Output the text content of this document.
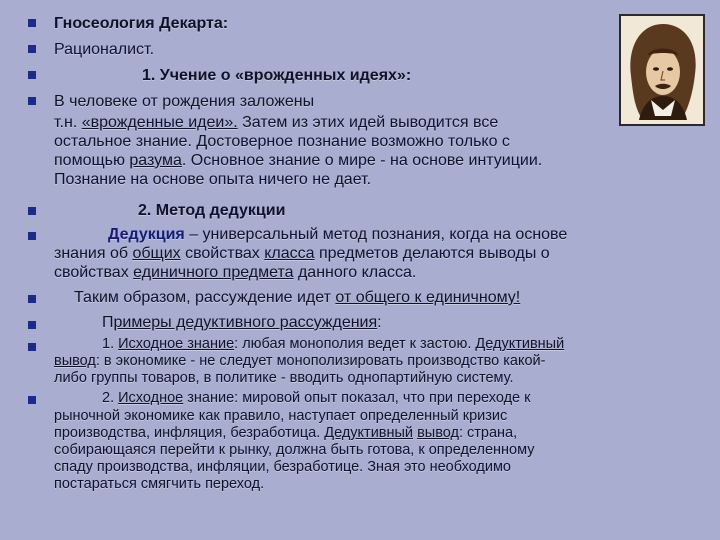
Гносеология Декарта:
Рационалист.
1. Учение о «врожденных идеях»:
В человеке от рождения заложены
т.н. «врожденные идеи». Затем из этих идей выводится все
остальное знание. Достоверное познание возможно только с
помощью разума. Основное знание о мире - на основе интуиции.
Познание на основе опыта ничего не дает.
2. Метод дедукции
Дедукция – универсальный метод познания, когда на основе
знания об общих свойствах класса предметов делаются выводы о
свойствах единичного предмета данного класса.
Таким образом, рассуждение идет от общего к единичному!
Примеры дедуктивного рассуждения:
1. Исходное знание: любая монополия ведет к застою. Дедуктивный
вывод: в экономике - не следует монополизировать производство какой-
либо группы товаров, в политике - вводить однопартийную систему.
2. Исходное знание: мировой опыт показал, что при переходе к
рыночной экономике как правило, наступает определенный кризис
производства, инфляция, безработица. Дедуктивный вывод: страна,
собирающаяся перейти к рынку, должна быть готова, к определенному
спаду производства, инфляции, безработице. Зная это необходимо
постараться смягчить переход.
